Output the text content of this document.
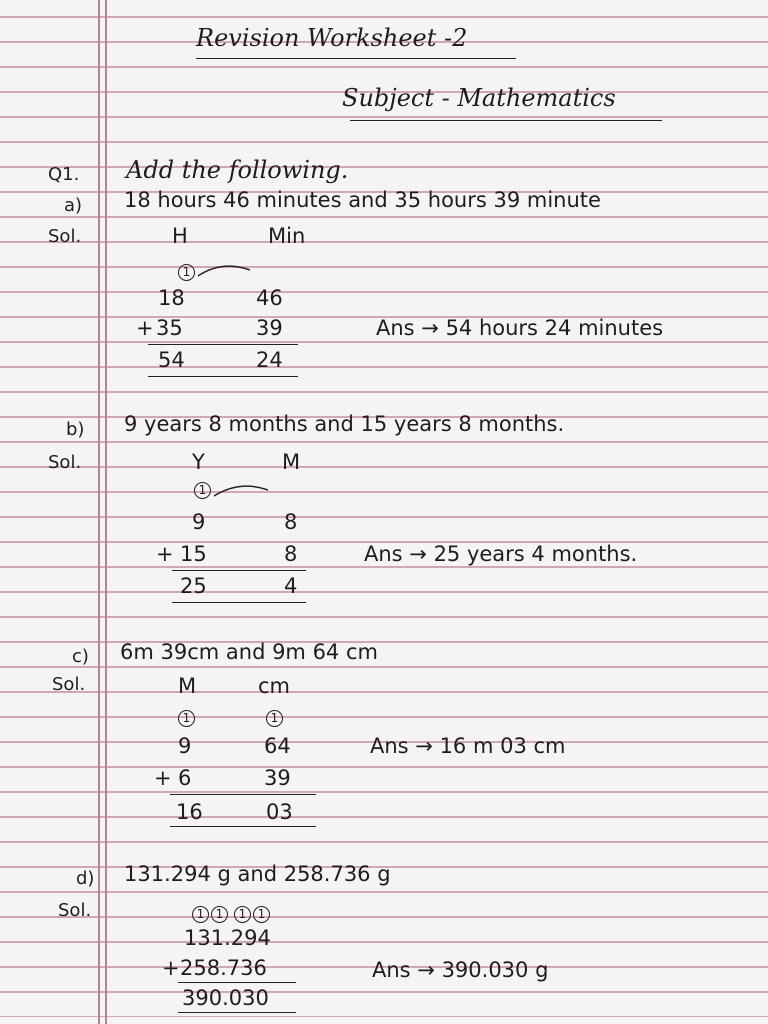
Revision Worksheet -2
Subject - Mathematics
Q1. Add the following.
a) 18 hours 46 minutes and 35 hours 39 minute
Sol.	H	Min
1
18	46
+ 35	39
54	24
Ans → 54 hours 24 minutes
b) 9 years 8 months and 15 years 8 months.
Sol.	Y	M
1
9	8
+ 15	8
25	4
Ans → 25 years 4 months.
c) 6m 39cm and 9m 64 cm
Sol.	M	cm
1	1
9	64
+ 6	39
16	03
Ans → 16 m 03 cm
d) 131.294 g and 258.736 g
Sol.	1 1	1 1
131.294
+ 258.736
390.030
Ans → 390.030 g
